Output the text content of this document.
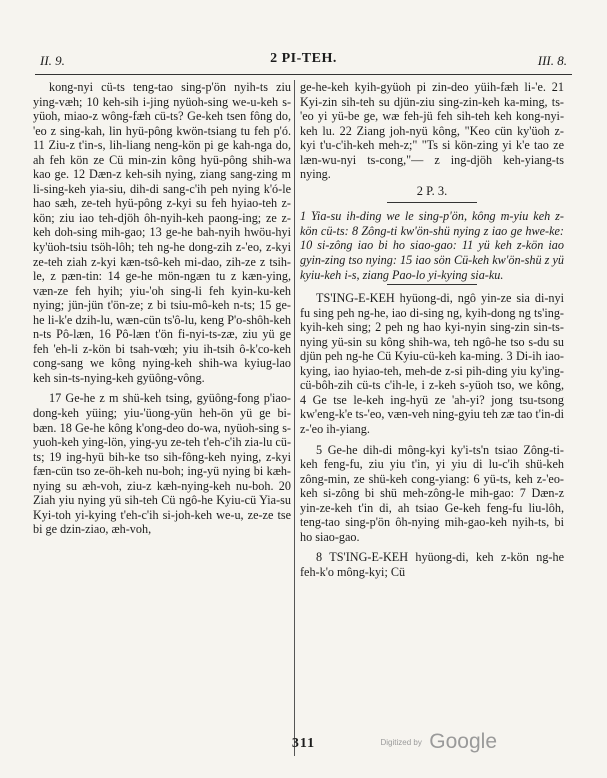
II. 9.	2 PI-TEH.	III. 8.

kong-nyi cü-ts teng-tao sing-p'ön nyih-ts ziu ying-væh; 10 keh-sih i-jing nyüoh-sing we-u-keh s-yüoh, miao-z wông-fæh cü-ts? Ge-keh tsen fông do, 'eo z sing-kah, lin hyü-pông kwön-tsiang tu feh p'ó. 11 Ziu-z t'in-s, lih-liang neng-kön pi ge kah-nga do, ah feh kön ze Cü min-zin kông hyü-pông shih-wa kao ge. 12 Dæn-z keh-sih nying, ziang sang-zing m li-sing-keh yia-siu, dih-di sang-c'ih peh nying k'ó-le hao sæh, ze-teh hyü-pông z-kyi su feh hyiao-teh z-kön; ziu iao teh-djöh ôh-nyih-keh paong-ing; ze z-keh doh-sing mih-gao; 13 ge-he bah-nyih hwöu-hyi ky'üoh-tsiu tsöh-lôh; teh ng-he dong-zih z-'eo, z-kyi ze-teh ziah z-kyi kæn-tsô-keh mi-dao, zih-ze z tsih-le, z pæn-tin: 14 ge-he mön-ngæn tu z kæn-ying, væn-ze feh hyih; yiu-'oh sing-li feh kyin-ku-keh nying; jün-jün t'ön-ze; z bi tsiu-mô-keh n-ts; 15 ge-he li-k'e dzih-lu, wæn-cün ts'ô-lu, keng P'o-shôh-keh n-ts Pô-læn, 16 Pô-læn t'ön fi-nyi-ts-zæ, ziu yü ge feh 'eh-li z-kön bi tsah-vœh; yiu ih-tsih ô-k'co-keh cong-sang we kông nying-keh shih-wa kyiug-lao keh sin-ts-nying-keh gyüông-vông.

17 Ge-he z m shü-keh tsing, gyüông-fong p'iao-dong-keh yüing; yiu-'üong-yün heh-ön yü ge bi-bæn. 18 Ge-he kông k'ong-deo do-wa, nyüoh-sing s-yuoh-keh ying-lön, ying-yu ze-teh t'eh-c'ih zia-lu cü-ts; 19 ing-hyü bih-ke tso sih-fông-keh nying, z-kyi fæn-cün tso ze-öh-keh nu-boh; ing-yü nying bi kæh-nying su æh-voh, ziu-z kæh-nying-keh nu-boh. 20 Ziah yiu nying yü sih-teh Cü ngô-he Kyiu-cü Yia-su Kyi-toh yi-kying t'eh-c'ih si-joh-keh we-u, ze-ze tse bi ge dzin-ziao, æh-voh,

ge-he-keh kyih-gyüoh pi zin-deo yüih-fæh li-'e. 21 Kyi-zin sih-teh su djün-ziu sing-zin-keh ka-ming, ts-'eo yi yü-be ge, wæ feh-jü feh sih-teh keh kong-nyi-keh lu. 22 Ziang joh-nyü kông, "Keo cün ky'üoh z-kyi t'u-c'ih-keh meh-z;" "Ts si kön-zing yi k'e tao ze læn-wu-nyi ts-cong,"— z ing-djöh keh-yiang-ts nying.

2 P. 3.

1 Yia-su ih-ding we le sing-p'ön, kông m-yiu keh z-kön cü-ts: 8 Zông-ti kw'ön-shü nying z iao ge hwe-ke: 10 si-zông iao bi ho siao-gao: 11 yü keh z-kön iao gyin-zing tso nying: 15 iao sön Cü-keh kw'ön-shü z yü kyiu-keh i-s, ziang Pao-lo yi-kying sia-ku.

TS'ING-E-KEH hyüong-di, ngô yin-ze sia di-nyi fu sing peh ng-he, iao di-sing ng, kyih-dong ng ts'ing-kyih-keh sing; 2 peh ng hao kyi-nyin sing-zin sin-ts-nying yü-sin su kông shih-wa, teh ngô-he tso s-du su djün peh ng-he Cü Kyiu-cü-keh ka-ming. 3 Di-ih iao-kying, iao hyiao-teh, meh-de z-si pih-ding yiu ky'ing-cü-bôh-zih cü-ts c'ih-le, i z-keh s-yüoh tso, we kông, 4 Ge tse le-keh ing-hyü ze 'ah-yi? jong tsu-tsong kw'eng-k'e ts-'eo, væn-veh ning-gyiu teh zæ tao t'in-di z-'eo ih-yiang.

5 Ge-he dih-di mông-kyi ky'i-ts'n tsiao Zông-ti-keh feng-fu, ziu yiu t'in, yi yiu di lu-c'ih shü-keh zông-min, ze shü-keh cong-yiang: 6 yü-ts, keh z-'eo-keh si-zông bi shü meh-zông-le mih-gao: 7 Dæn-z yin-ze-keh t'in di, ah tsiao Ge-keh feng-fu liu-lôh, teng-tao sing-p'ön ôh-nying mih-gao-keh nyih-ts, bi ho siao-gao.

8 TS'ING-E-KEH hyüong-di, keh z-kön ng-he feh-k'o mông-kyi; Cü

311	Digitized by Google
